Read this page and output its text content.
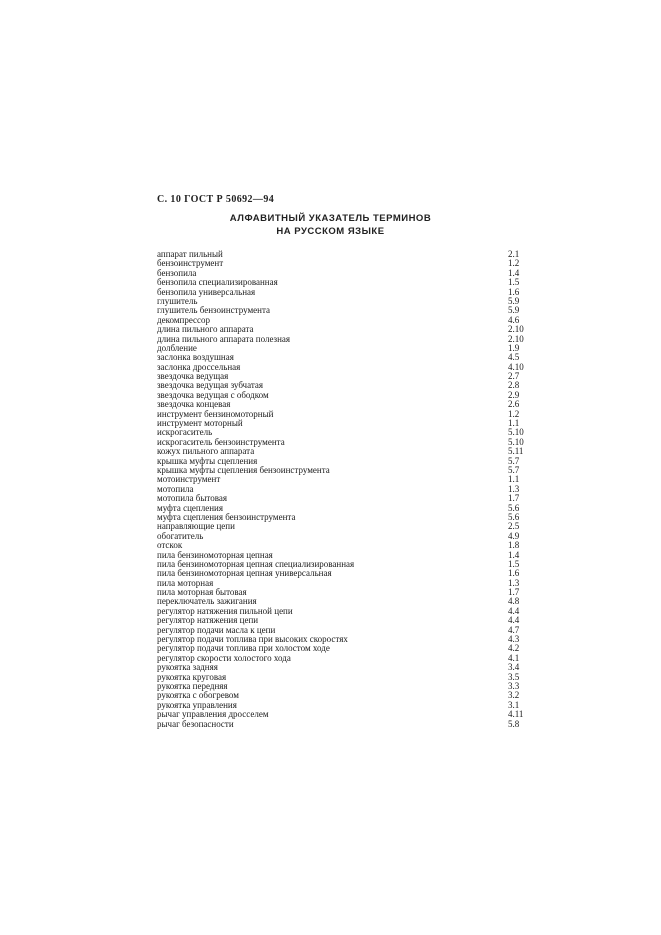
С. 10 ГОСТ Р 50692—94
АЛФАВИТНЫЙ УКАЗАТЕЛЬ ТЕРМИНОВ
НА РУССКОМ ЯЗЫКЕ
аппарат пильный	2.1
бензоинструмент	1.2
бензопила	1.4
бензопила специализированная	1.5
бензопила универсальная	1.6
глушитель	5.9
глушитель бензоинструмента	5.9
декомпрессор	4.6
длина пильного аппарата	2.10
длина пильного аппарата полезная	2.10
долбление	1.9
заслонка воздушная	4.5
заслонка дроссельная	4.10
звездочка ведущая	2.7
звездочка ведущая зубчатая	2.8
звездочка ведущая с ободком	2.9
звездочка концевая	2.6
инструмент бензиномоторный	1.2
инструмент моторный	1.1
искрогаситель	5.10
искрогаситель бензоинструмента	5.10
кожух пильного аппарата	5.11
крышка муфты сцепления	5.7
крышка муфты сцепления бензоинструмента	5.7
мотоинструмент	1.1
мотопила	1.3
мотопила бытовая	1.7
муфта сцепления	5.6
муфта сцепления бензоинструмента	5.6
направляющие цепи	2.5
обогатитель	4.9
отскок	1.8
пила бензиномоторная цепная	1.4
пила бензиномоторная цепная специализированная	1.5
пила бензиномоторная цепная универсальная	1.6
пила моторная	1.3
пила моторная бытовая	1.7
переключатель зажигания	4.8
регулятор натяжения пильной цепи	4.4
регулятор натяжения цепи	4.4
регулятор подачи масла к цепи	4.7
регулятор подачи топлива при высоких скоростях	4.3
регулятор подачи топлива при холостом ходе	4.2
регулятор скорости холостого хода	4.1
рукоятка задняя	3.4
рукоятка круговая	3.5
рукоятка передняя	3.3
рукоятка с обогревом	3.2
рукоятка управления	3.1
рычаг управления дросселем	4.11
рычаг безопасности	5.8
